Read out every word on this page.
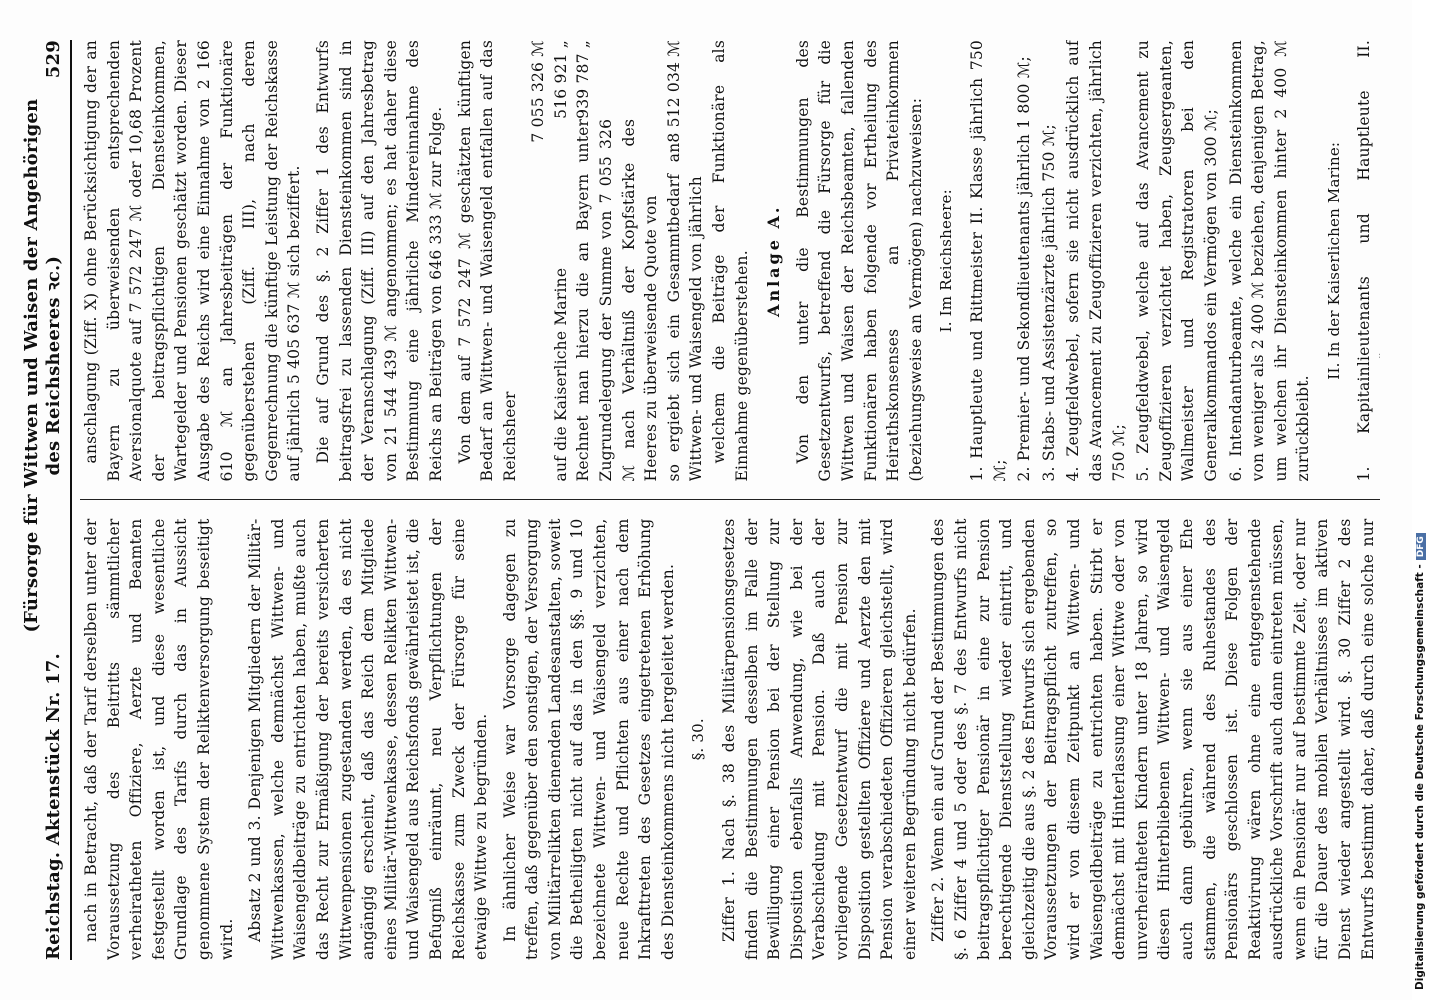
Reichstag. Aktenstück Nr. 17.
(Fürsorge für Wittwen und Waisen der Angehörigen des Reichsheeres ꝛc.)
529

nach in Betracht, daß der Tarif derselben unter der Voraussetzung des Beitritts sämmtlicher verheiratheten Offiziere, Aerzte und Beamten festgestellt worden ist, und diese wesentliche Grundlage des Tarifs durch das in Aussicht genommene System der Reliktenversorgung beseitigt wird. Absatz 2 und 3. Denjenigen Mitgliedern der Militär-Wittwenkassen, welche demnächst Wittwen- und Waisengeldbeiträge zu entrichten haben, mußte auch das Recht zur Ermäßigung der bereits versicherten Wittwenpensionen zugestanden werden, da es nicht angängig erscheint, daß das Reich dem Mitgliede eines Militär-Wittwenkasse, dessen Relikten Wittwen- und Waisengeld aus Reichsfonds gewährleistet ist, die Befugniß einräumt, neu Verpflichtungen der Reichskasse zum Zweck der Fürsorge für seine etwaige Wittwe zu begründen. In ähnlicher Weise war Vorsorge dagegen zu treffen, daß gegenüber den sonstigen, der Versorgung von Militärrelikten dienenden Landesanstalten, soweit die Betheiligten nicht auf das in den §§. 9 und 10 bezeichnete Wittwen- und Waisengeld verzichten, neue Rechte und Pflichten aus einer nach dem Inkrafttreten des Gesetzes eingetretenen Erhöhung des Diensteinkommens nicht hergeleitet werden. §. 30. Ziffer 1. Nach §. 38 des Militärpensionsgesetzes finden die Bestimmungen desselben im Falle der Bewilligung einer Pension bei der Stellung zur Disposition ebenfalls Anwendung, wie bei der Verabschiedung mit Pension. Daß auch der vorliegende Gesetzentwurf die mit Pension zur Disposition gestellten Offiziere und Aerzte den mit Pension verabschiedeten Offizieren gleichstellt, wird einer weiteren Begründung nicht bedürfen. Ziffer 2. Wenn ein auf Grund der Bestimmungen des §. 6 Ziffer 4 und 5 oder des §. 7 des Entwurfs nicht beitragspflichtiger Pensionär in eine zur Pension berechtigende Dienststellung wieder eintritt, und gleichzeitig die aus §. 2 des Entwurfs sich ergebenden Voraussetzungen der Beitragspflicht zutreffen, so wird er von diesem Zeitpunkt an Wittwen- und Waisengeldbeiträge zu entrichten haben. Stirbt er demnächst mit Hinterlassung einer Wittwe oder von unverheiratheten Kindern unter 18 Jahren, so wird diesen Hinterbliebenen Wittwen- und Waisengeld auch dann gebühren, wenn sie aus einer Ehe stammen, die während des Ruhestandes des Pensionärs geschlossen ist. Diese Folgen der Reaktivirung wären ohne eine entgegenstehende ausdrückliche Vorschrift auch dann eintreten müssen, wenn ein Pensionär nur auf bestimmte Zeit, oder nur für die Dauer des mobilen Verhältnisses im aktiven Dienst wieder angestellt wird. §. 30 Ziffer 2 des Entwurfs bestimmt daher, daß durch eine solche nur

anschlagung (Ziff. X) ohne Berücksichtigung der an Bayern zu überweisenden entsprechenden Aversionalquote auf 7 572 247 ℳ oder 10,68 Prozent der beitragspflichtigen Diensteinkommen, Wartegelder und Pensionen geschätzt worden. Dieser Ausgabe des Reichs wird eine Einnahme von 2 166 610 ℳ an Jahresbeiträgen der Funktionäre gegenüberstehen (Ziff. III), nach deren Gegenrechnung die künftige Leistung der Reichskasse auf jährlich 5 405 637 ℳ sich beziffert. Die auf Grund des §. 2 Ziffer 1 des Entwurfs beitragsfrei zu lassenden Diensteinkommen sind in der Veranschlagung (Ziff. III) auf den Jahresbetrag von 21 544 439 ℳ angenommen; es hat daher diese Bestimmung eine jährliche Mindereinnahme des Reichs an Beiträgen von 646 333 ℳ zur Folge. Von dem auf 7 572 247 ℳ geschätzten künftigen Bedarf an Wittwen- und Waisengeld entfallen auf das Reichsheer

7 055 326 ℳ
auf die Kaiserliche Marine
516 921 „
Rechnet man hierzu die an Bayern unter Zugrundelegung der Summe von 7 055 326 ℳ nach Verhältniß der Kopfstärke des Heeres zu überweisende Quote von
939 787 „
so ergiebt sich ein Gesammtbedarf an Wittwen- und Waisengeld von jährlich
8 512 034 ℳ	welchem die Beiträge der Funktionäre als Einnahme gegenüberstehen. Anlage A. Von den unter die Bestimmungen des Gesetzentwurfs, betreffend die Fürsorge für die Wittwen und Waisen der Reichsbeamten, fallenden Funktionären haben folgende vor Ertheilung des Heirathskonsenses an Privateinkommen (beziehungsweise an Vermögen) nachzuweisen: I. Im Reichsheere: 1. Hauptleute und Rittmeister II. Klasse jährlich 750 ℳ; 2. Premier- und Sekondlieutenants jährlich 1 800 ℳ; 3. Stabs- und Assistenzärzte jährlich 750 ℳ; 4. Zeugfeldwebel, sofern sie nicht ausdrücklich auf das Avancement zu Zeugoffizieren verzichten, jährlich 750 ℳ; 5. Zeugfeldwebel, welche auf das Avancement zu Zeugoffizieren verzichtet haben, Zeugsergeanten, Wallmeister und Registratoren bei den Generalkommandos ein Vermögen von 300 ℳ; 6. Intendanturbeamte, welche ein Diensteinkommen von weniger als 2 400 ℳ beziehen, denjenigen Betrag, um welchen ihr Diensteinkommen hinter 2 400 ℳ zurückbleibt.
II. In der Kaiserlichen Marine:
1. Kapitainlieutenants und Hauptleute II.
Digitalisierung gefördert durch die Deutsche Forschungsgemeinschaft -DFG
